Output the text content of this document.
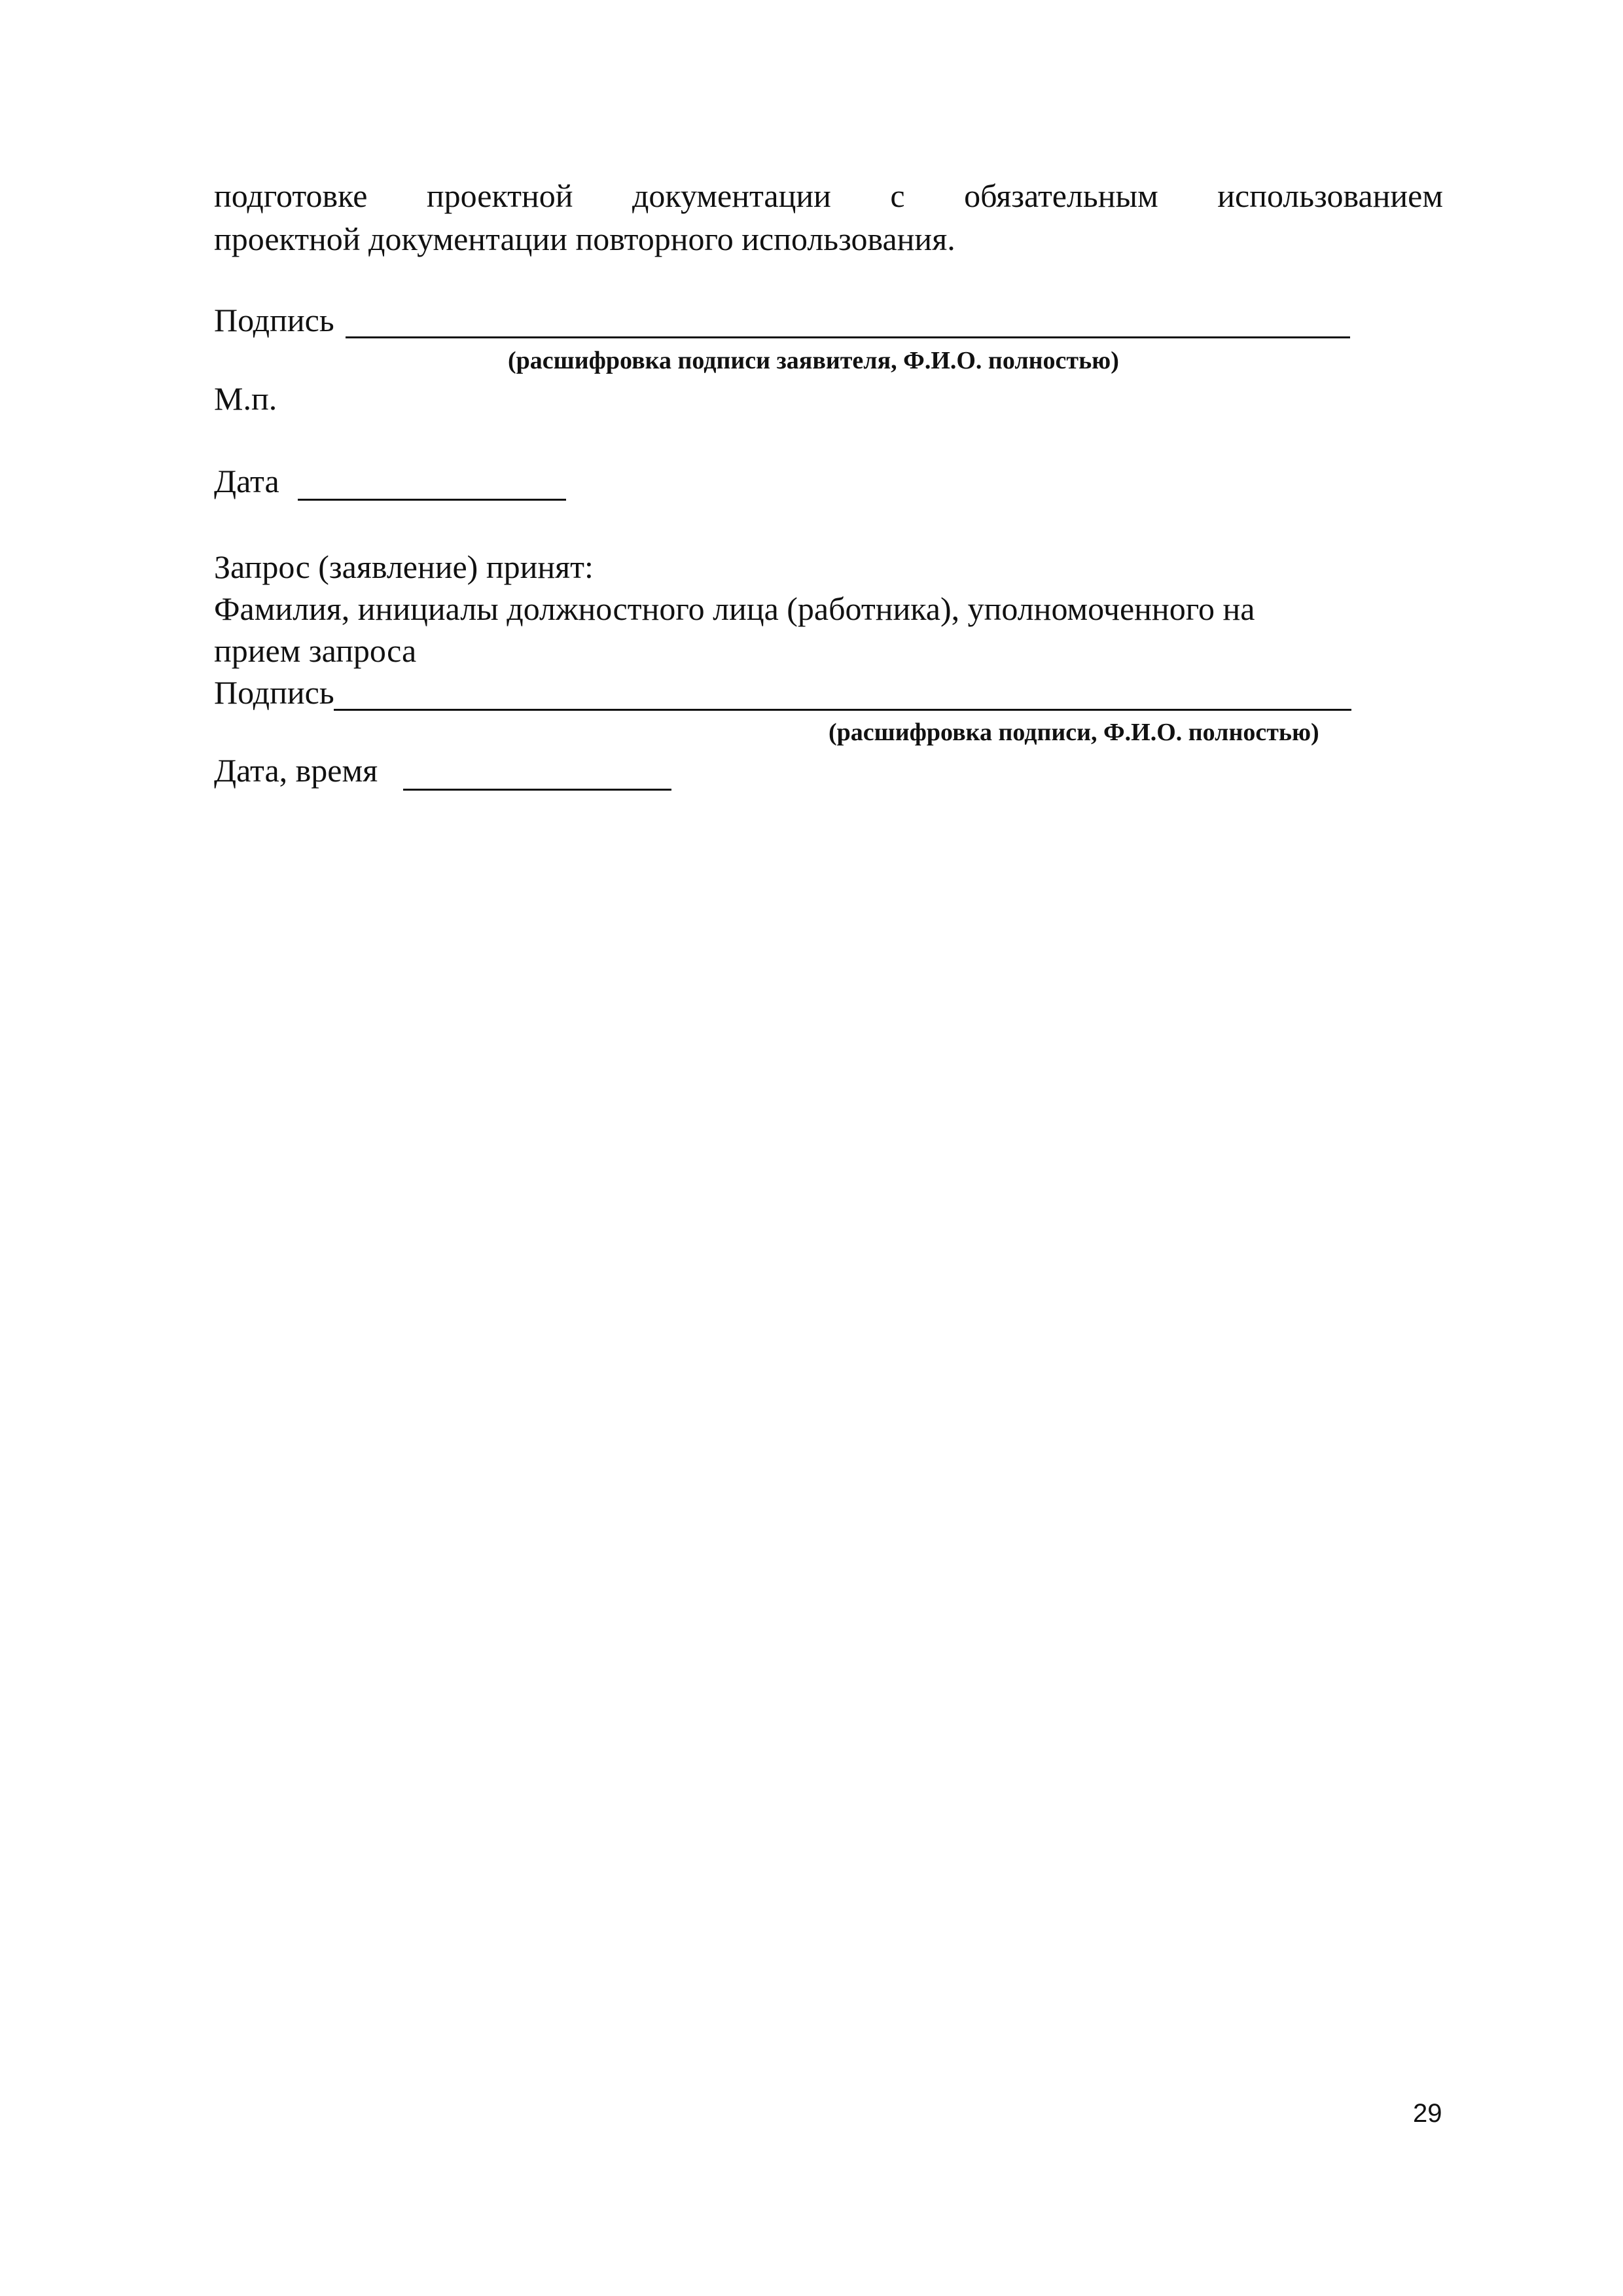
подготовке проектной документации с обязательным использованием
проектной документации повторного использования.
Подпись
(расшифровка подписи заявителя, Ф.И.О. полностью)
М.п.
Дата
Запрос (заявление) принят:
Фамилия, инициалы должностного лица (работника), уполномоченного на
прием запроса
Подпись
(расшифровка подписи, Ф.И.О. полностью)
Дата, время
29
